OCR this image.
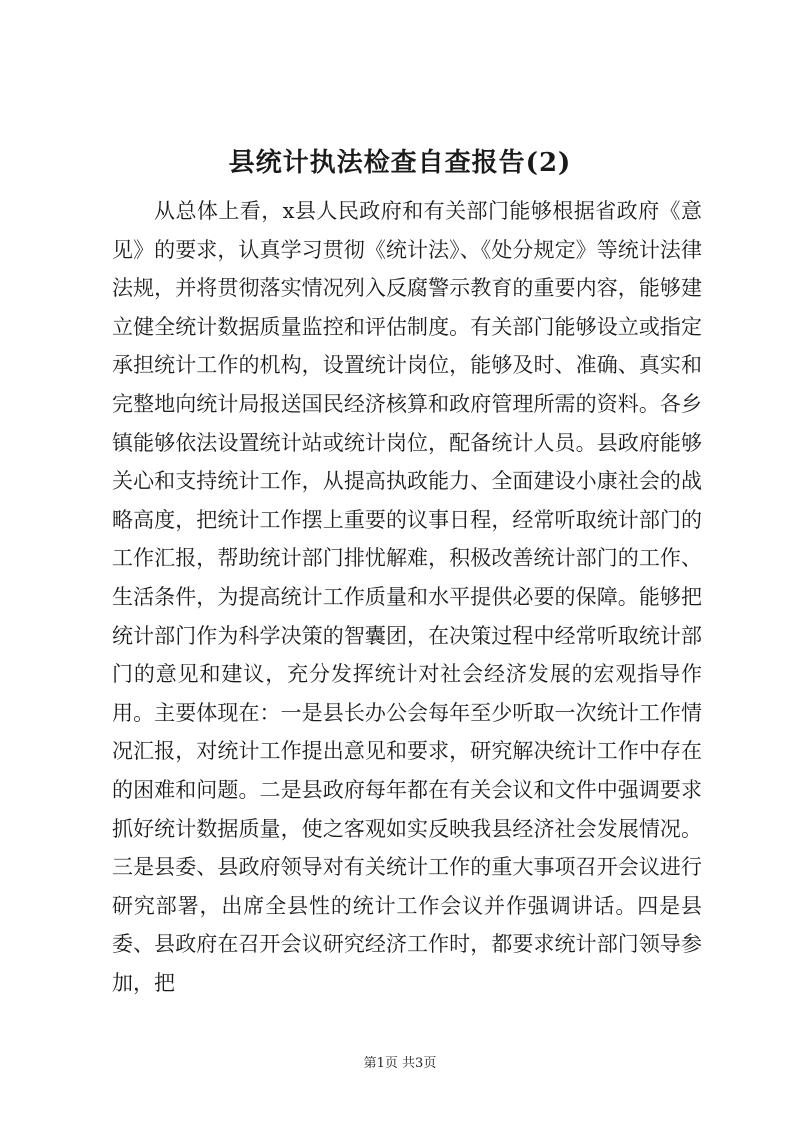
县统计执法检查自查报告(2)

从总体上看，x县人民政府和有关部门能够根据省政府《意见》的要求，认真学习贯彻《统计法》、《处分规定》等统计法律法规，并将贯彻落实情况列入反腐警示教育的重要内容，能够建立健全统计数据质量监控和评估制度。有关部门能够设立或指定承担统计工作的机构，设置统计岗位，能够及时、准确、真实和完整地向统计局报送国民经济核算和政府管理所需的资料。各乡镇能够依法设置统计站或统计岗位，配备统计人员。县政府能够关心和支持统计工作，从提高执政能力、全面建设小康社会的战略高度，把统计工作摆上重要的议事日程，经常听取统计部门的工作汇报，帮助统计部门排忧解难，积极改善统计部门的工作、生活条件，为提高统计工作质量和水平提供必要的保障。能够把统计部门作为科学决策的智囊团，在决策过程中经常听取统计部门的意见和建议，充分发挥统计对社会经济发展的宏观指导作用。主要体现在：一是县长办公会每年至少听取一次统计工作情况汇报，对统计工作提出意见和要求，研究解决统计工作中存在的困难和问题。二是县政府每年都在有关会议和文件中强调要求抓好统计数据质量，使之客观如实反映我县经济社会发展情况。三是县委、县政府领导对有关统计工作的重大事项召开会议进行研究部署，出席全县性的统计工作会议并作强调讲话。四是县委、县政府在召开会议研究经济工作时，都要求统计部门领导参加，把

第1页 共3页
